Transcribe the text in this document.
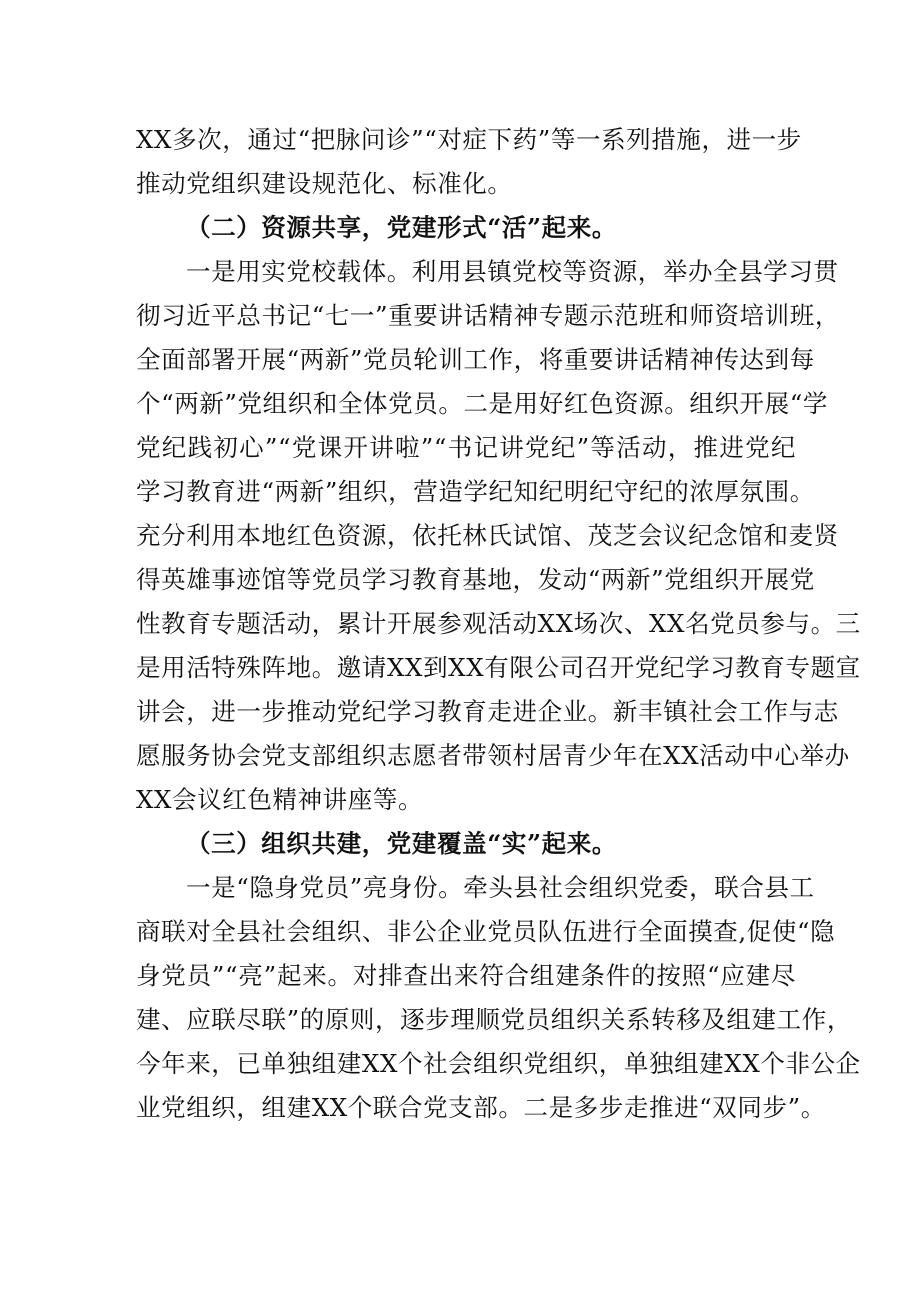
XX多次，通过“把脉问诊”“对症下药”等一系列措施，进一步
推动党组织建设规范化、标准化。
（二）资源共享，党建形式“活”起来。
一是用实党校载体。利用县镇党校等资源，举办全县学习贯
彻习近平总书记“七一”重要讲话精神专题示范班和师资培训班，
全面部署开展“两新”党员轮训工作，将重要讲话精神传达到每
个“两新”党组织和全体党员。二是用好红色资源。组织开展“学
党纪践初心”“党课开讲啦”“书记讲党纪”等活动，推进党纪
学习教育进“两新”组织，营造学纪知纪明纪守纪的浓厚氛围。
充分利用本地红色资源，依托林氏试馆、茂芝会议纪念馆和麦贤
得英雄事迹馆等党员学习教育基地，发动“两新”党组织开展党
性教育专题活动，累计开展参观活动XX场次、XX名党员参与。三
是用活特殊阵地。邀请XX到XX有限公司召开党纪学习教育专题宣
讲会，进一步推动党纪学习教育走进企业。新丰镇社会工作与志
愿服务协会党支部组织志愿者带领村居青少年在XX活动中心举办
XX会议红色精神讲座等。
（三）组织共建，党建覆盖“实”起来。
一是“隐身党员”亮身份。牵头县社会组织党委，联合县工
商联对全县社会组织、非公企业党员队伍进行全面摸查,促使“隐
身党员”“亮”起来。对排查出来符合组建条件的按照“应建尽
建、应联尽联”的原则，逐步理顺党员组织关系转移及组建工作，
今年来，已单独组建XX个社会组织党组织，单独组建XX个非公企
业党组织，组建XX个联合党支部。二是多步走推进“双同步”。
